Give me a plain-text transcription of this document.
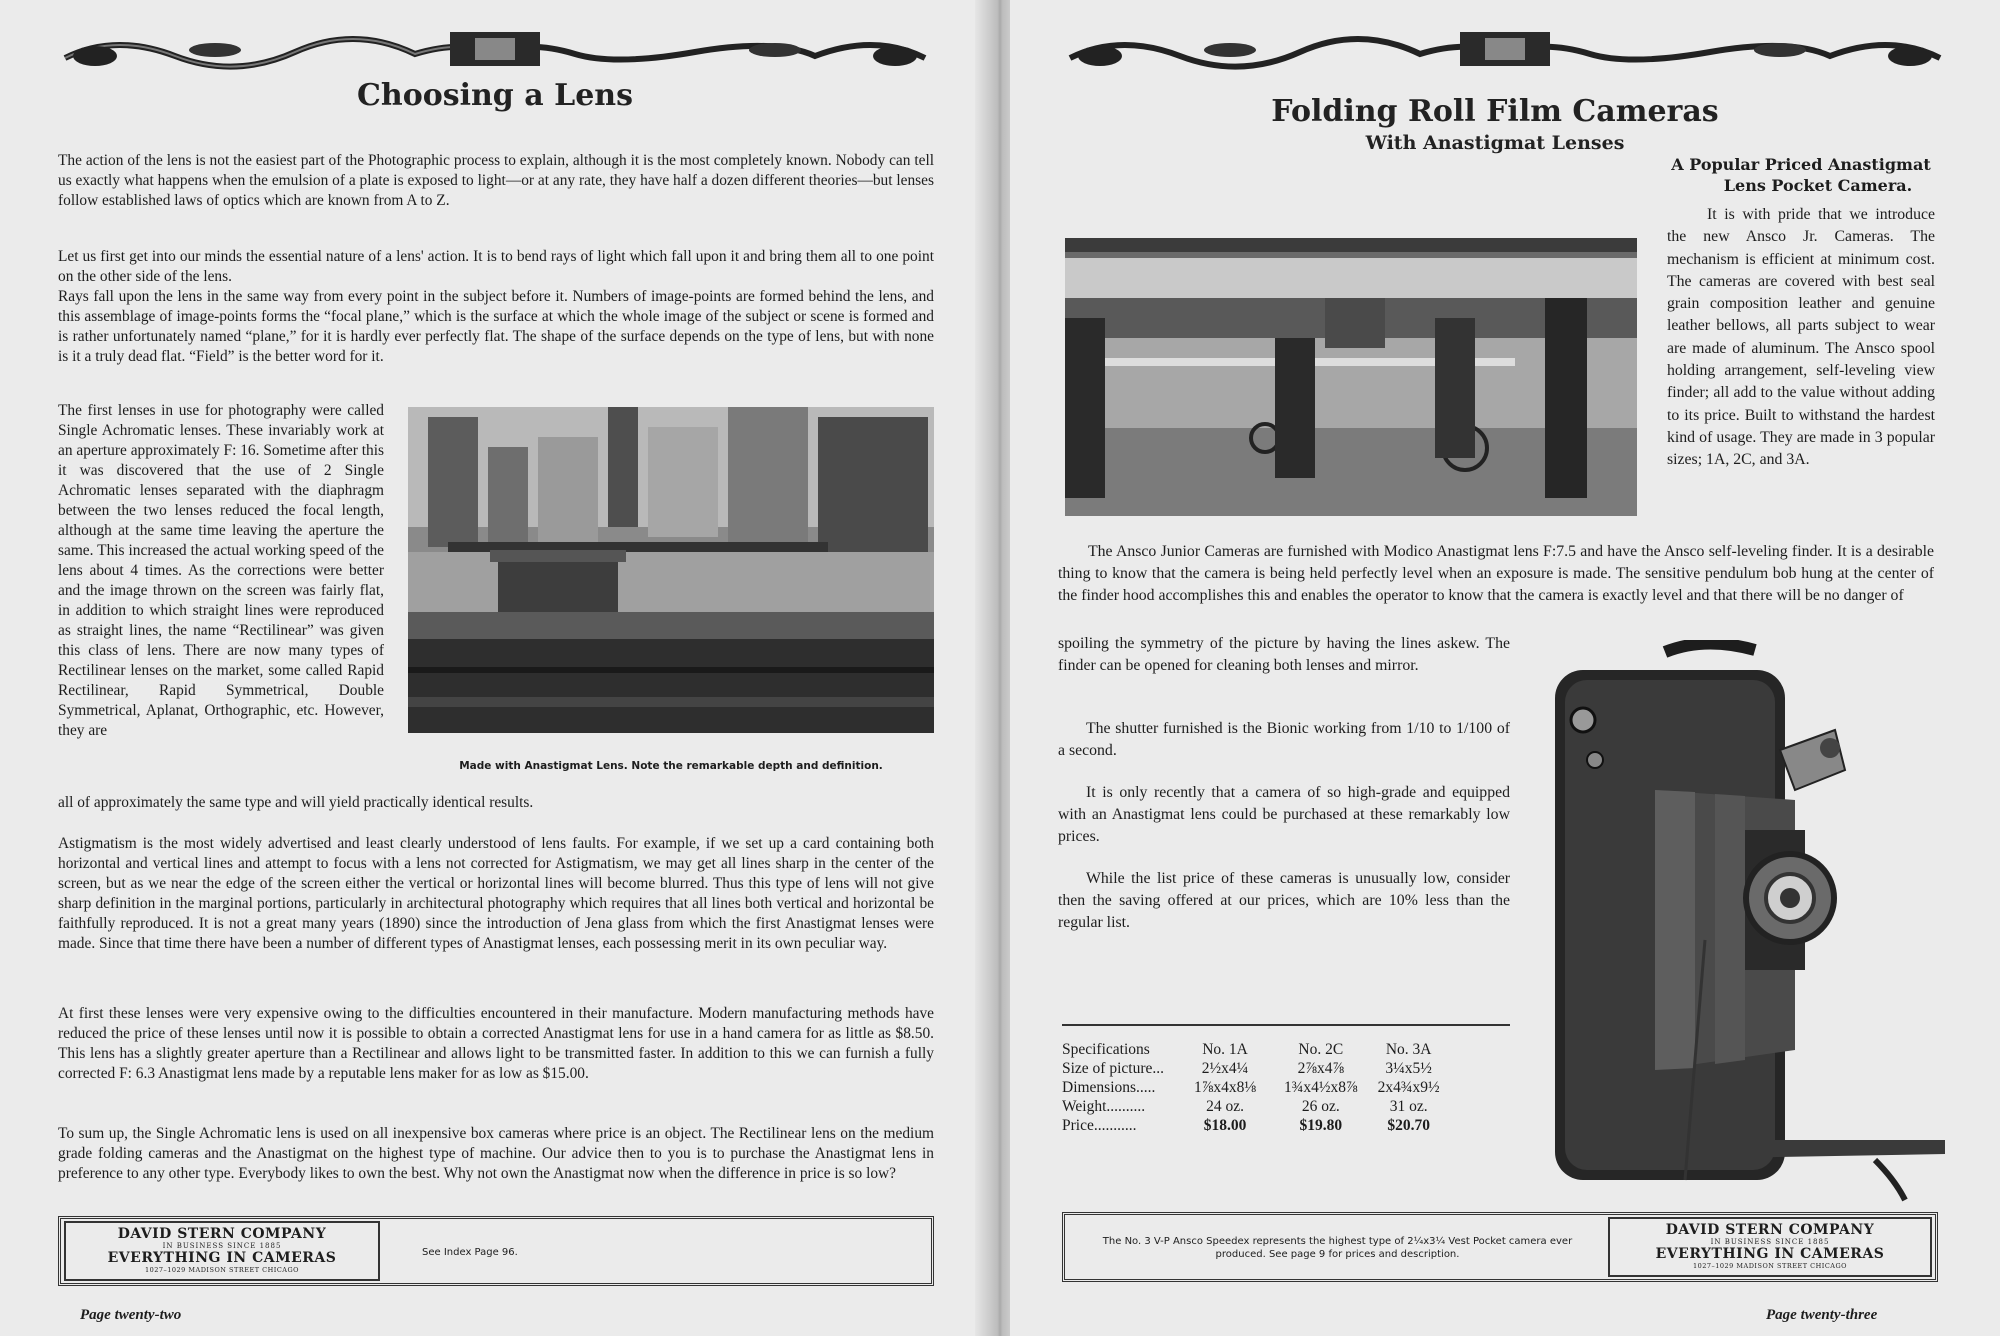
Choosing a Lens

The action of the lens is not the easiest part of the Photographic process to explain, although it is the most completely known. Nobody can tell us exactly what happens when the emulsion of a plate is exposed to light—or at any rate, they have half a dozen different theories—but lenses follow established laws of optics which are known from A to Z.

Let us first get into our minds the essential nature of a lens' action. It is to bend rays of light which fall upon it and bring them all to one point on the other side of the lens.

Rays fall upon the lens in the same way from every point in the subject before it. Numbers of image-points are formed behind the lens, and this assemblage of image-points forms the “focal plane,” which is the surface at which the whole image of the subject or scene is formed and is rather unfortunately named “plane,” for it is hardly ever perfectly flat. The shape of the surface depends on the type of lens, but with none is it a truly dead flat. “Field” is the better word for it.

The first lenses in use for photography were called Single Achromatic lenses. These invariably work at an aperture approximately F: 16. Sometime after this it was discovered that the use of 2 Single Achromatic lenses separated with the diaphragm between the two lenses reduced the focal length, although at the same time leaving the aperture the same. This increased the actual working speed of the lens about 4 times. As the corrections were better and the image thrown on the screen was fairly flat, in addition to which straight lines were reproduced as straight lines, the name “Rectilinear” was given this class of lens. There are now many types of Rectilinear lenses on the market, some called Rapid Rectilinear, Rapid Symmetrical, Double Symmetrical, Aplanat, Orthographic, etc. However, they are

Made with Anastigmat Lens. Note the remarkable depth and definition.

all of approximately the same type and will yield practically identical results.

Astigmatism is the most widely advertised and least clearly understood of lens faults. For example, if we set up a card containing both horizontal and vertical lines and attempt to focus with a lens not corrected for Astigmatism, we may get all lines sharp in the center of the screen, but as we near the edge of the screen either the vertical or horizontal lines will become blurred. Thus this type of lens will not give sharp definition in the marginal portions, particularly in architectural photography which requires that all lines both vertical and horizontal be faithfully reproduced. It is not a great many years (1890) since the introduction of Jena glass from which the first Anastigmat lenses were made. Since that time there have been a number of different types of Anastigmat lenses, each possessing merit in its own peculiar way.

At first these lenses were very expensive owing to the difficulties encountered in their manufacture. Modern manufacturing methods have reduced the price of these lenses until now it is possible to obtain a corrected Anastigmat lens for use in a hand camera for as little as $8.50. This lens has a slightly greater aperture than a Rectilinear and allows light to be transmitted faster. In addition to this we can furnish a fully corrected F: 6.3 Anastigmat lens made by a reputable lens maker for as low as $15.00.

To sum up, the Single Achromatic lens is used on all inexpensive box cameras where price is an object. The Rectilinear lens on the medium grade folding cameras and the Anastigmat on the highest type of machine. Our advice then to you is to purchase the Anastigmat lens in preference to any other type. Everybody likes to own the best. Why not own the Anastigmat now when the difference in price is so low?

DAVID STERN COMPANY
IN BUSINESS SINCE 1885
EVERYTHING IN CAMERAS
1027–1029 MADISON STREET CHICAGO
See Index Page 96.
Page twenty-two
Folding Roll Film Cameras
With Anastigmat Lenses
A Popular Priced Anastigmat
Lens Pocket Camera.

It is with pride that we introduce the new Ansco Jr. Cameras. The mechanism is efficient at minimum cost. The cameras are covered with best seal grain composition leather and genuine leather bellows, all parts subject to wear are made of aluminum. The Ansco spool holding arrangement, self-leveling view finder; all add to the value without adding to its price. Built to withstand the hardest kind of usage. They are made in 3 popular sizes; 1A, 2C, and 3A.

The Ansco Junior Cameras are furnished with Modico Anastigmat lens F:7.5 and have the Ansco self-leveling finder. It is a desirable thing to know that the camera is being held perfectly level when an exposure is made. The sensitive pendulum bob hung at the center of the finder hood accomplishes this and enables the operator to know that the camera is exactly level and that there will be no danger of

spoiling the symmetry of the picture by having the lines askew. The finder can be opened for cleaning both lenses and mirror.

The shutter furnished is the Bionic working from 1/10 to 1/100 of a second.

It is only recently that a camera of so high-grade and equipped with an Anastigmat lens could be purchased at these remarkably low prices.

While the list price of these cameras is unusually low, consider then the saving offered at our prices, which are 10% less than the regular list.

Specifications	No. 1A	No. 2C	No. 3A
Size of picture...	2½x4¼	2⅞x4⅞	3¼x5½
Dimensions.....	1⅞x4x8⅛	1¾x4½x8⅞	2x4¾x9½
Weight..........	24 oz.	26 oz.	31 oz.
Price...........	$18.00	$19.80	$20.70
The No. 3 V-P Ansco Speedex represents the highest type of 2¼x3¼ Vest Pocket camera ever produced. See page 9 for prices and description.
DAVID STERN COMPANY
IN BUSINESS SINCE 1885
EVERYTHING IN CAMERAS
1027–1029 MADISON STREET CHICAGO
Page twenty-three
